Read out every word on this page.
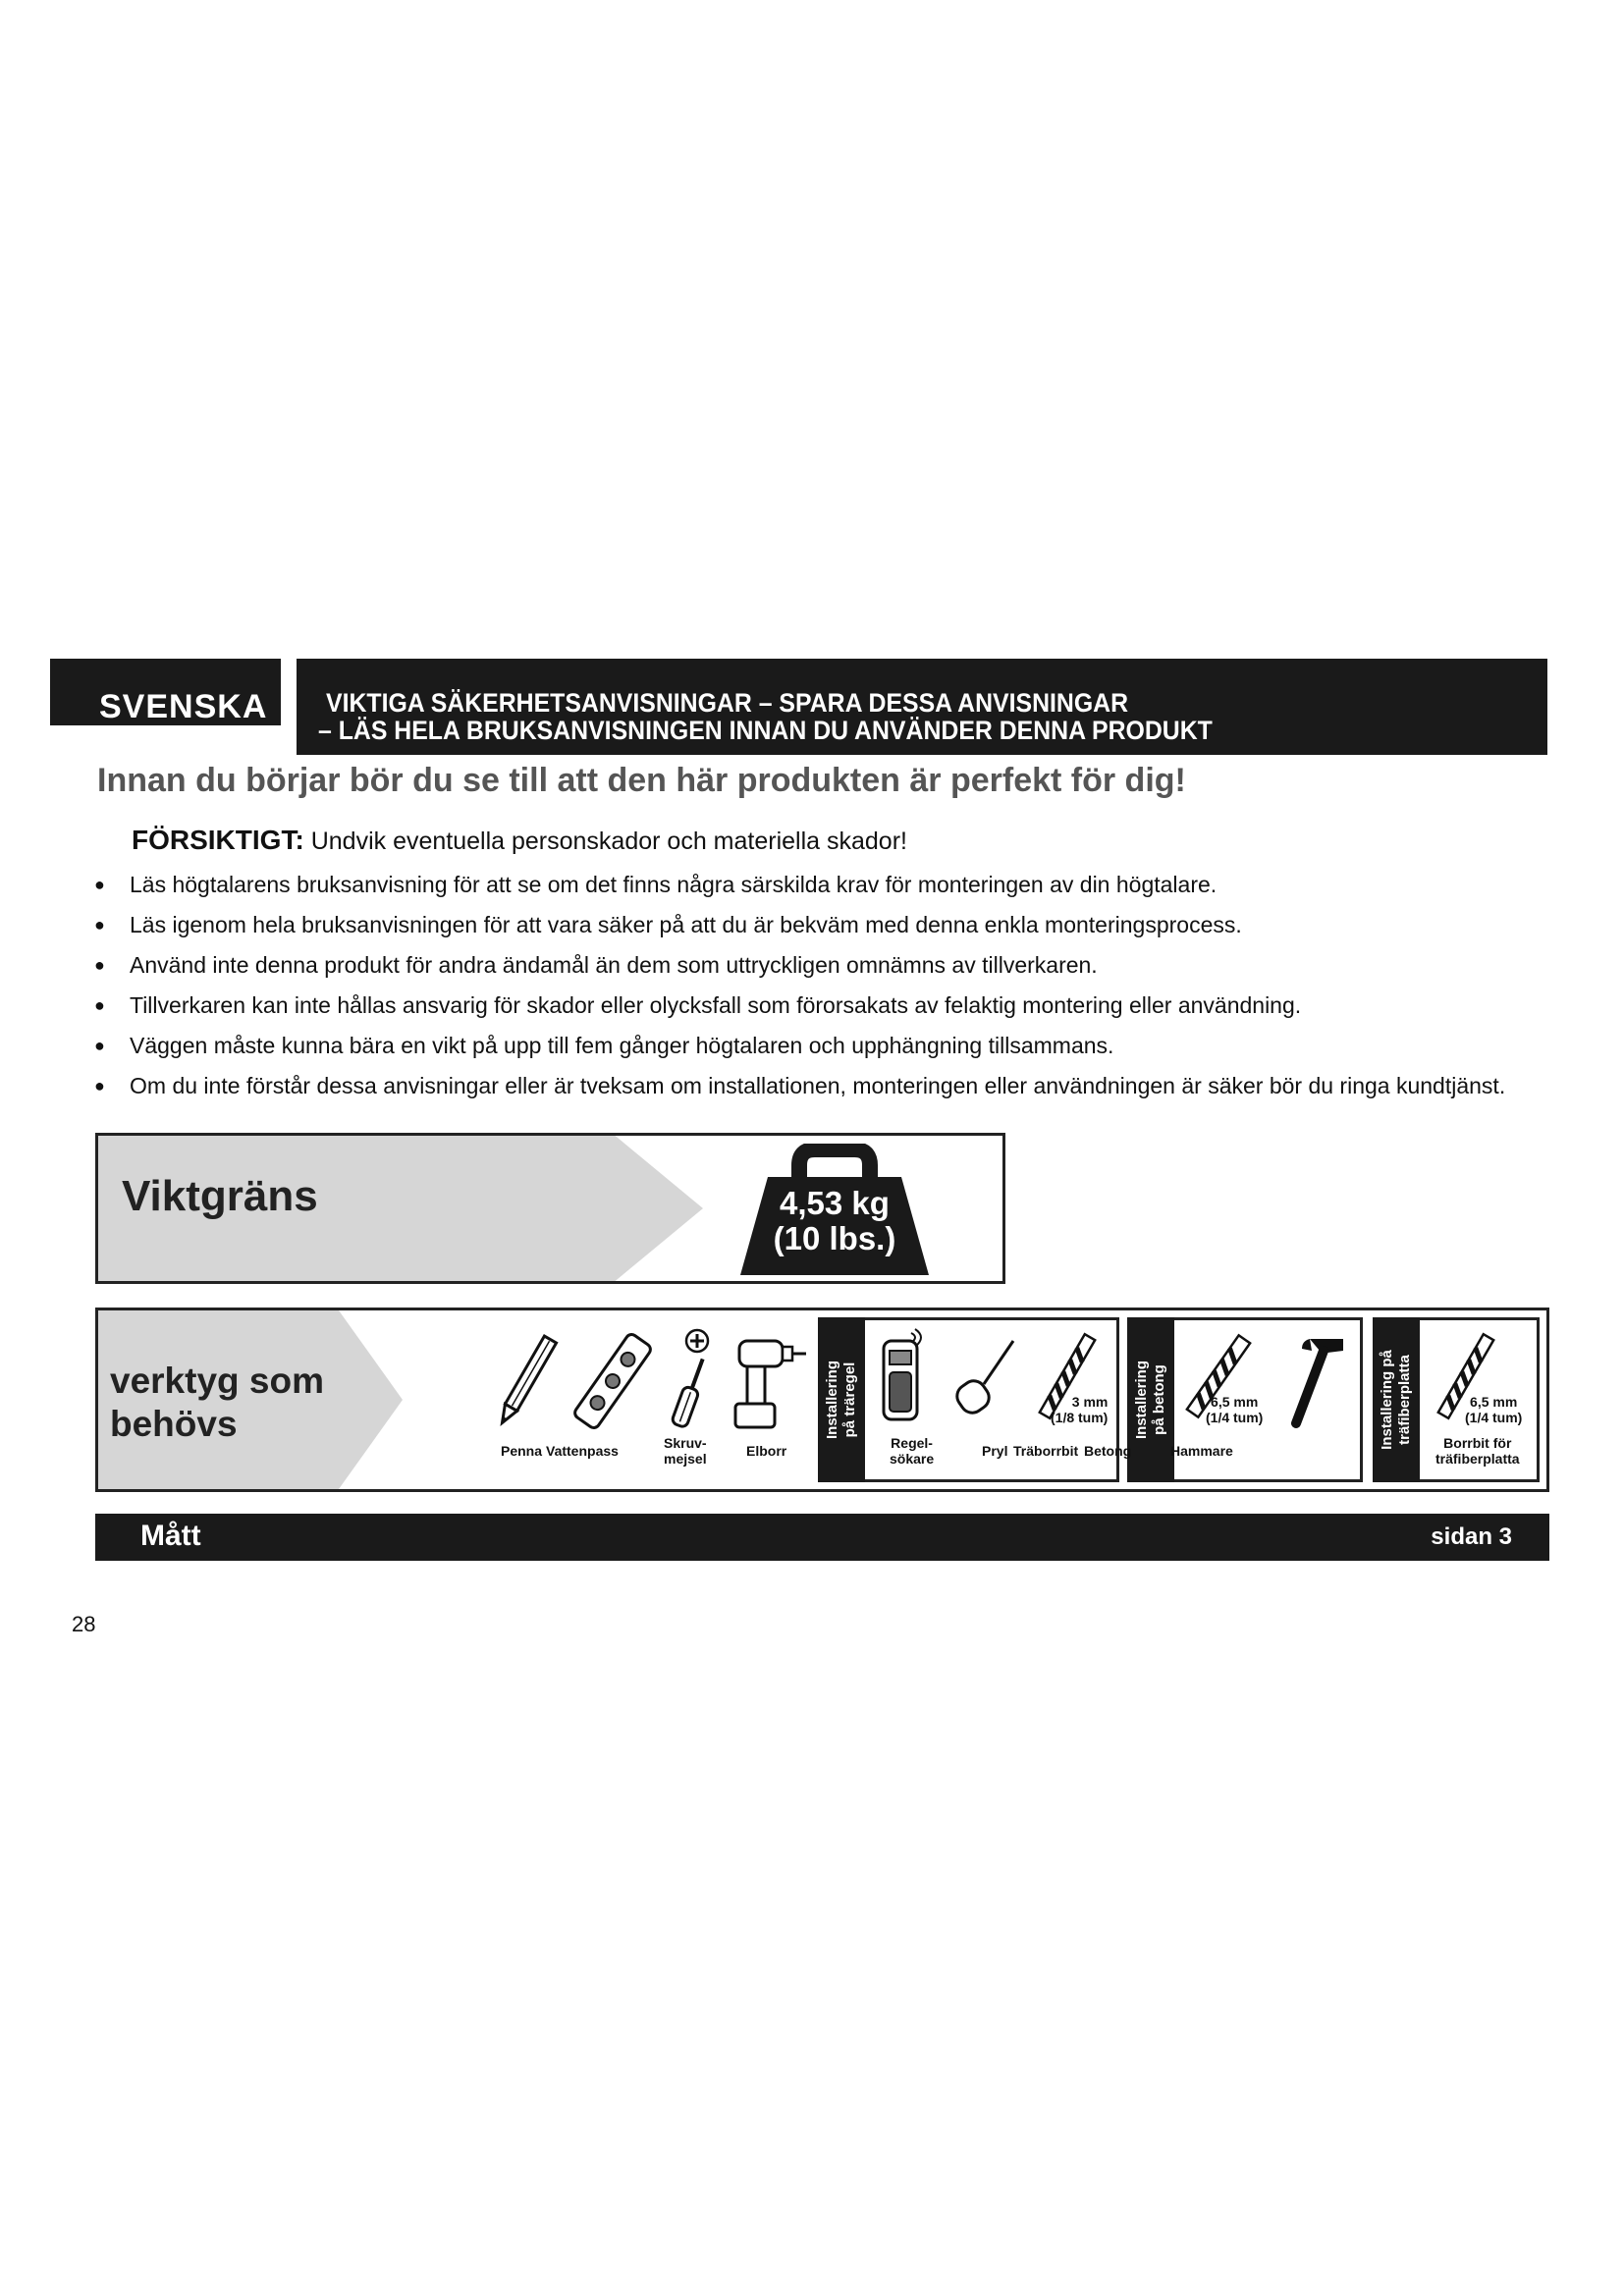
SVENSKA VIKTIGA SÄKERHETSANVISNINGAR – SPARA DESSA ANVISNINGAR
– LÄS HELA BRUKSANVISNINGEN INNAN DU ANVÄNDER DENNA PRODUKT
Innan du börjar bör du se till att den här produkten är perfekt för dig!
FÖRSIKTIGT: Undvik eventuella personskador och materiella skador!
● Läs högtalarens bruksanvisning för att se om det finns några särskilda krav för monteringen av din högtalare.
● Läs igenom hela bruksanvisningen för att vara säker på att du är bekväm med denna enkla monteringsprocess.
● Använd inte denna produkt för andra ändamål än dem som uttryckligen omnämns av tillverkaren.
● Tillverkaren kan inte hållas ansvarig för skador eller olycksfall som förorsakats av felaktig montering eller användning.
● Väggen måste kunna bära en vikt på upp till fem gånger högtalaren och upphängning tillsammans.
● Om du inte förstår dessa anvisningar eller är tveksam om installationen, monteringen eller användningen är säker bör du ringa kundtjänst.
Viktgräns	4,53 kg
(10 lbs.)
verktyg som
behövs
Penna Vattenpass	Skruv-
mejsel	Elborr
Installering på träregel	3 mm
(1/8 tum)
Regel-
sökare	Pryl Träborrbit
Installering på betong	6,5 mm
(1/4 tum)
Betong	Hammare
Installering på träfiberplatta	6,5 mm
(1/4 tum)
Borrbit för
träfiberplatta
Mått	sidan 3
28
